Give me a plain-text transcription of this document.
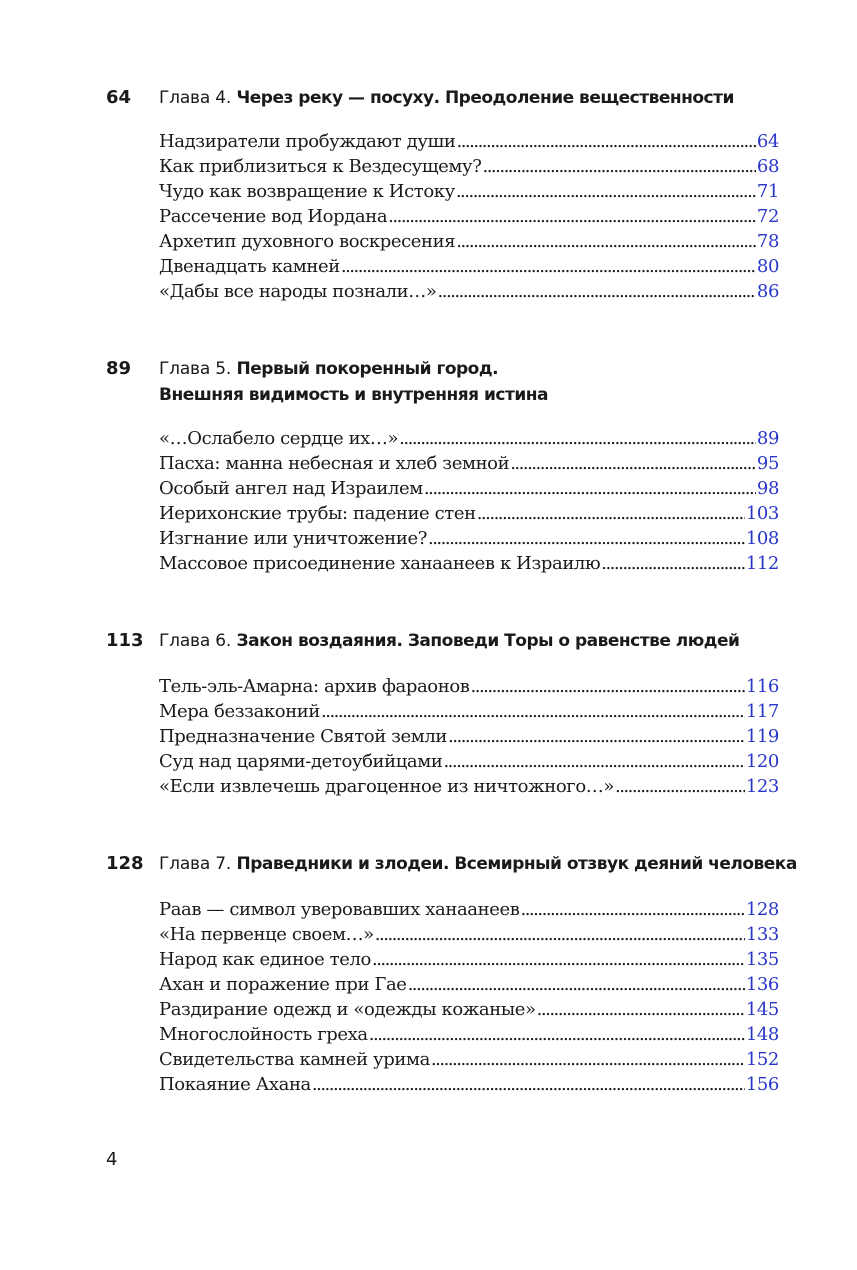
64 Глава 4. Через реку — посуху. Преодоление вещественности
Надзиратели пробуждают души .....	64
Как приблизиться к Вездесущему? .....	68
Чудо как возвращение к Истоку .....	71
Рассечение вод Иордана .....	72
Архетип духовного воскресения .....	78
Двенадцать камней .....	80
«Дабы все народы познали…» .....	86
89 Глава 5. Первый покоренный город.
Внешняя видимость и внутренняя истина
«…Ослабело сердце их…» .....	89
Пасха: манна небесная и хлеб земной .....	95
Особый ангел над Израилем .....	98
Иерихонские трубы: падение стен .....	103
Изгнание или уничтожение? .....	108
Массовое присоединение ханаанеев к Израилю .....	112
113 Глава 6. Закон воздаяния. Заповеди Торы о равенстве людей
Тель-эль-Амарна: архив фараонов .....	116
Мера беззаконий .....	117
Предназначение Святой земли .....	119
Суд над царями-детоубийцами .....	120
«Если извлечешь драгоценное из ничтожного…» .....	123
128 Глава 7. Праведники и злодеи. Всемирный отзвук деяний человека
Раав — символ уверовавших ханаанеев .....	128
«На первенце своем…» .....	133
Народ как единое тело .....	135
Ахан и поражение при Гае .....	136
Раздирание одежд и «одежды кожаные» .....	145
Многослойность греха .....	148
Свидетельства камней урима .....	152
Покаяние Ахана .....	156
4
